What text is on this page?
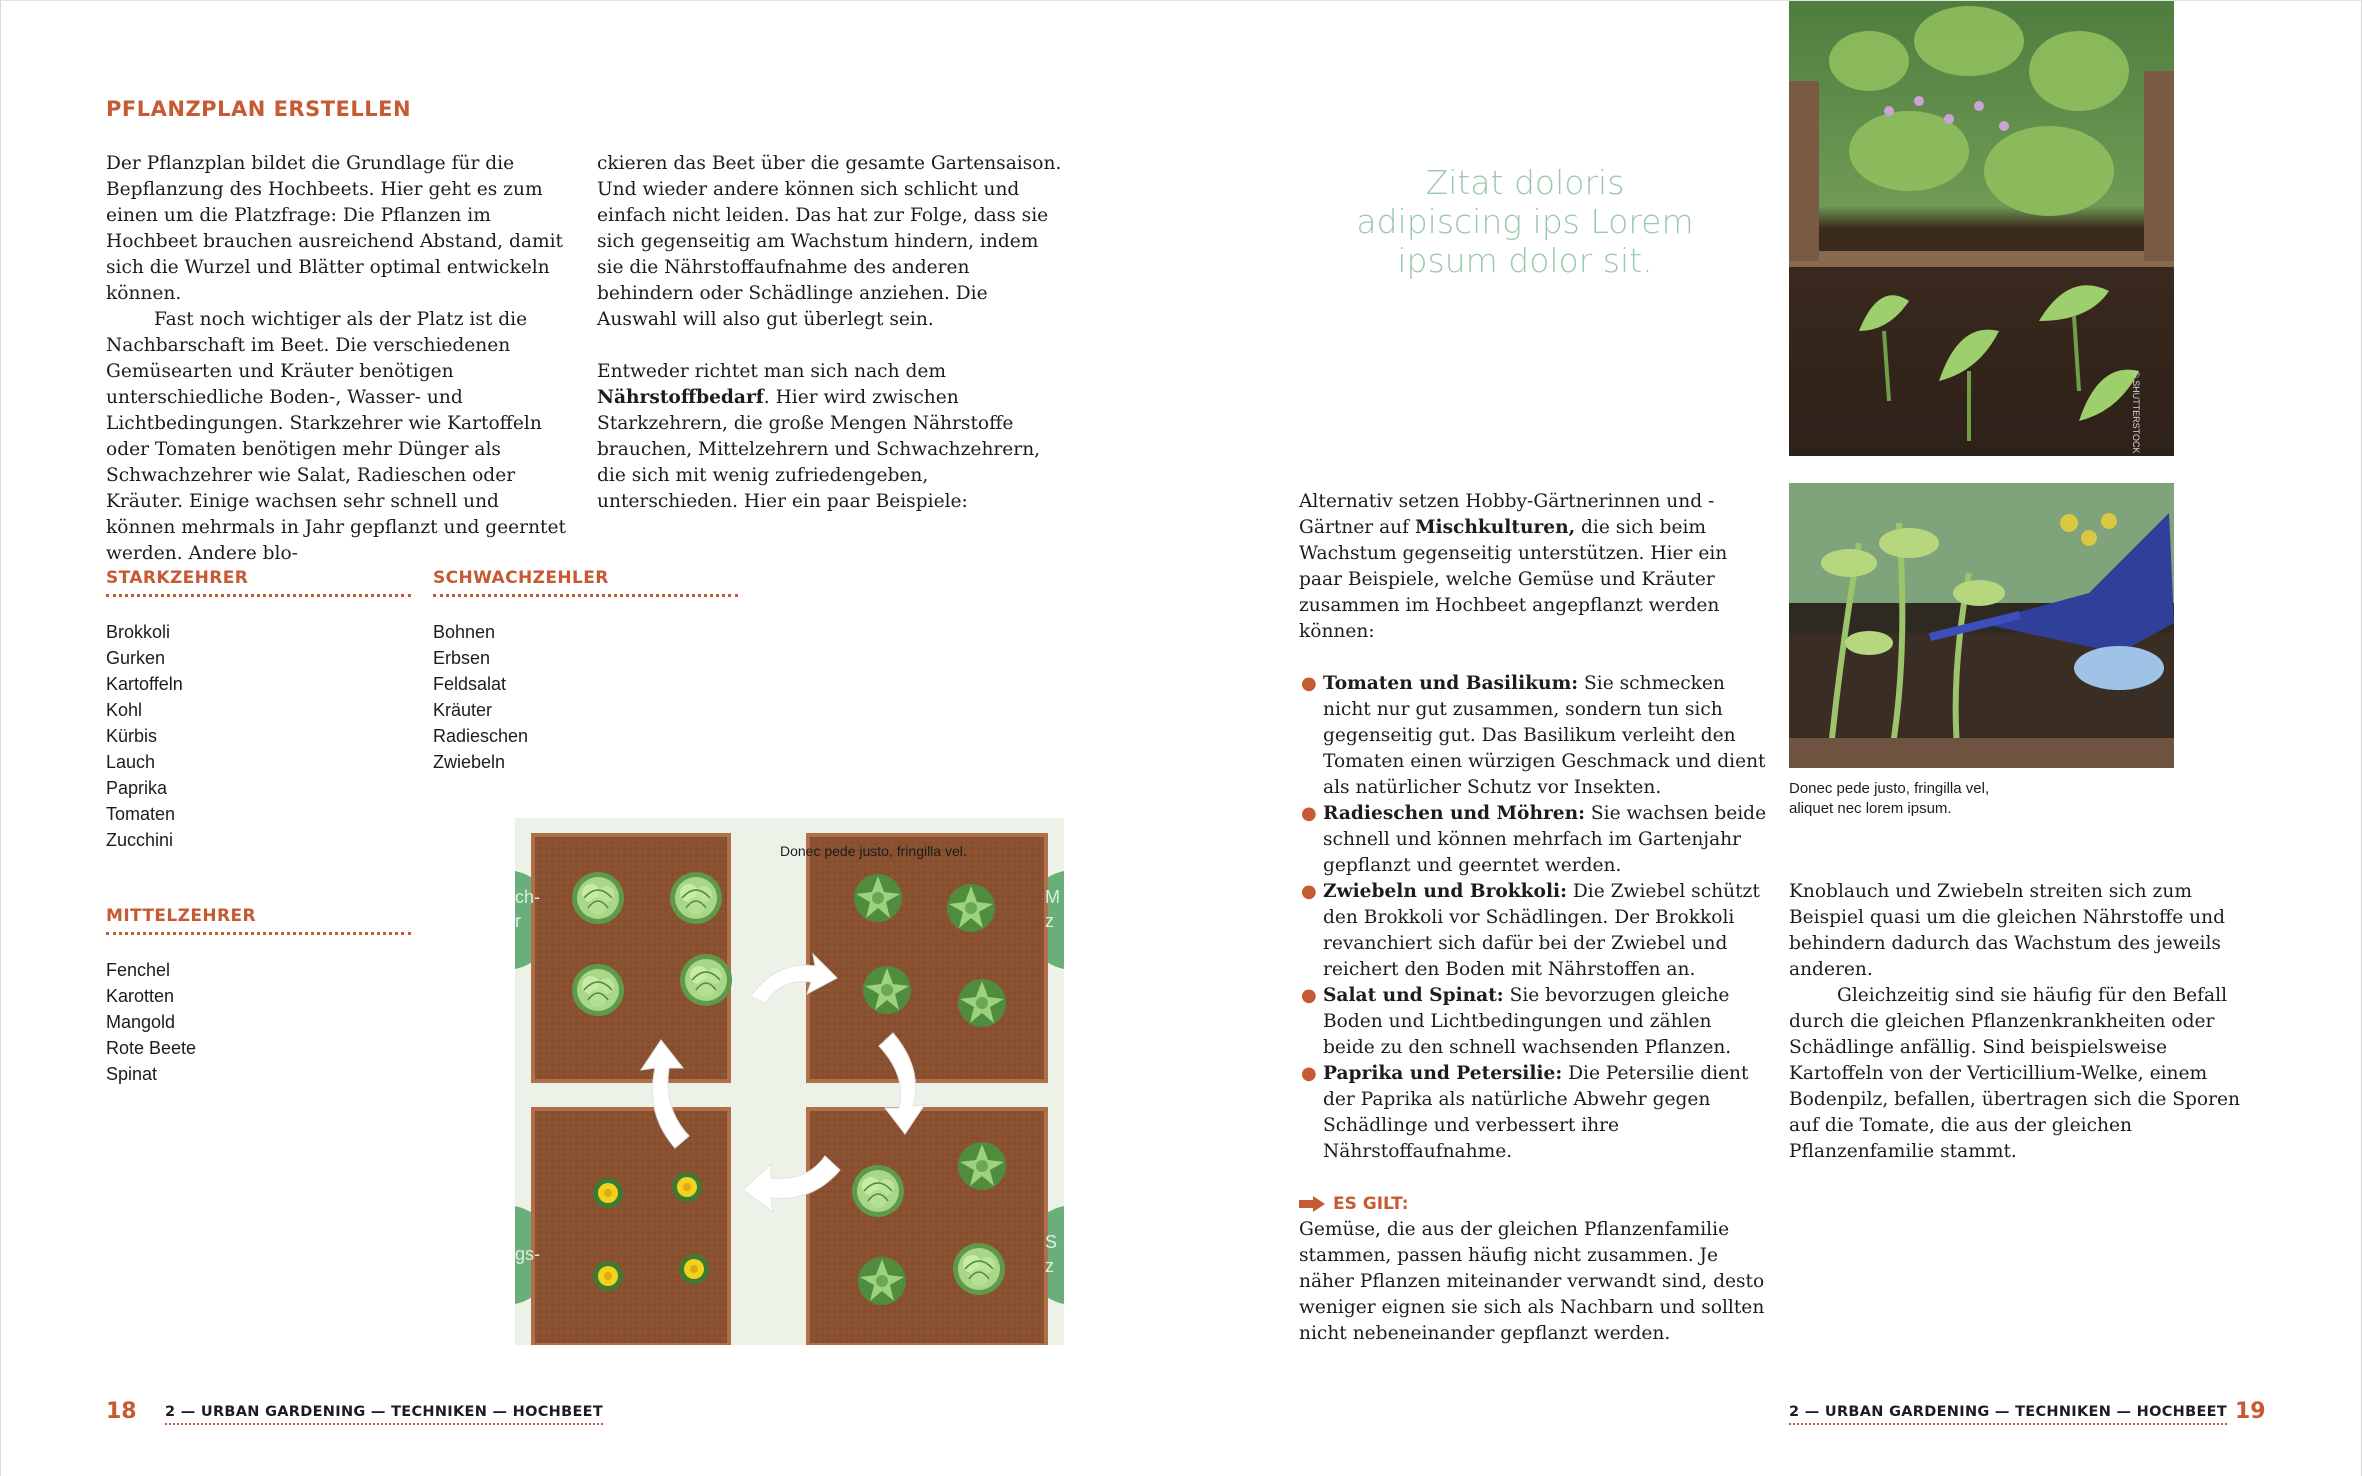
PFLANZPLAN ERSTELLEN

Der Pflanzplan bildet die Grundlage für die Bepflanzung des Hochbeets. Hier geht es zum einen um die Platzfrage: Die Pflanzen im Hochbeet brauchen ausreichend Abstand, damit sich die Wurzel und Blätter optimal entwickeln können.

Fast noch wichtiger als der Platz ist die Nachbarschaft im Beet. Die verschiedenen Gemüsearten und Kräuter benötigen unterschiedliche Boden-, Wasser- und Lichtbedingungen. Starkzehrer wie Kartoffeln oder Tomaten benötigen mehr Dünger als Schwachzehrer wie Salat, Radieschen oder Kräuter. Einige wachsen sehr schnell und können mehrmals in Jahr gepflanzt und geerntet werden. Andere blo-

ckieren das Beet über die gesamte Gartensaison. Und wieder andere können sich schlicht und einfach nicht leiden. Das hat zur Folge, dass sie sich gegenseitig am Wachstum hindern, indem sie die Nährstoffaufnahme des anderen behindern oder Schädlinge anziehen. Die Auswahl will also gut überlegt sein.

Entweder richtet man sich nach dem Nährstoffbedarf. Hier wird zwischen Starkzehrern, die große Mengen Nährstoffe brauchen, Mittelzehrern und Schwachzehrern, die sich mit wenig zufriedengeben, unterschieden. Hier ein paar Beispiele:

STARKZEHRER
Brokkoli
Gurken
Kartoffeln
Kohl
Kürbis
Lauch
Paprika
Tomaten
Zucchini
SCHWACHZEHLER
Bohnen
Erbsen
Feldsalat
Kräuter
Radieschen
Zwiebeln
MITTELZEHRER
Fenchel
Karotten
Mangold
Rote Beete
Spinat
Donec pede justo, fringilla vel.
ch-
r
M
z
gs-
S
z
18 2 — URBAN GARDENING — TECHNIKEN — HOCHBEET
Zitat doloris adipiscing ips Lorem ipsum dolor sit.
© SHUTTERSTOCK
Donec pede justo, fringilla vel, aliquet nec lorem ipsum.

Alternativ setzen Hobby-Gärtnerinnen und -Gärtner auf Mischkulturen, die sich beim Wachstum gegenseitig unterstützen. Hier ein paar Beispiele, welche Gemüse und Kräuter zusammen im Hochbeet angepflanzt werden können:

● Tomaten und Basilikum: Sie schmecken nicht nur gut zusammen, sondern tun sich gegenseitig gut. Das Basilikum verleiht den Tomaten einen würzigen Geschmack und dient als natürlicher Schutz vor Insekten.
● Radieschen und Möhren: Sie wachsen beide schnell und können mehrfach im Gartenjahr gepflanzt und geerntet werden.
● Zwiebeln und Brokkoli: Die Zwiebel schützt den Brokkoli vor Schädlingen. Der Brokkoli revanchiert sich dafür bei der Zwiebel und reichert den Boden mit Nährstoffen an.
● Salat und Spinat: Sie bevorzugen gleiche Boden und Lichtbedingungen und zählen beide zu den schnell wachsenden Pflanzen.
● Paprika und Petersilie: Die Petersilie dient der Paprika als natürliche Abwehr gegen Schädlinge und verbessert ihre Nährstoffaufnahme.
ES GILT:

Gemüse, die aus der gleichen Pflanzenfamilie stammen, passen häufig nicht zusammen. Je näher Pflanzen miteinander verwandt sind, desto weniger eignen sie sich als Nachbarn und sollten nicht nebeneinander gepflanzt werden.

Knoblauch und Zwiebeln streiten sich zum Beispiel quasi um die gleichen Nährstoffe und behindern dadurch das Wachstum des jeweils anderen.

Gleichzeitig sind sie häufig für den Befall durch die gleichen Pflanzenkrankheiten oder Schädlinge anfällig. Sind beispielsweise Kartoffeln von der Verticillium-Welke, einem Bodenpilz, befallen, übertragen sich die Sporen auf die Tomate, die aus der gleichen Pflanzenfamilie stammt.

2 — URBAN GARDENING — TECHNIKEN — HOCHBEET 19
